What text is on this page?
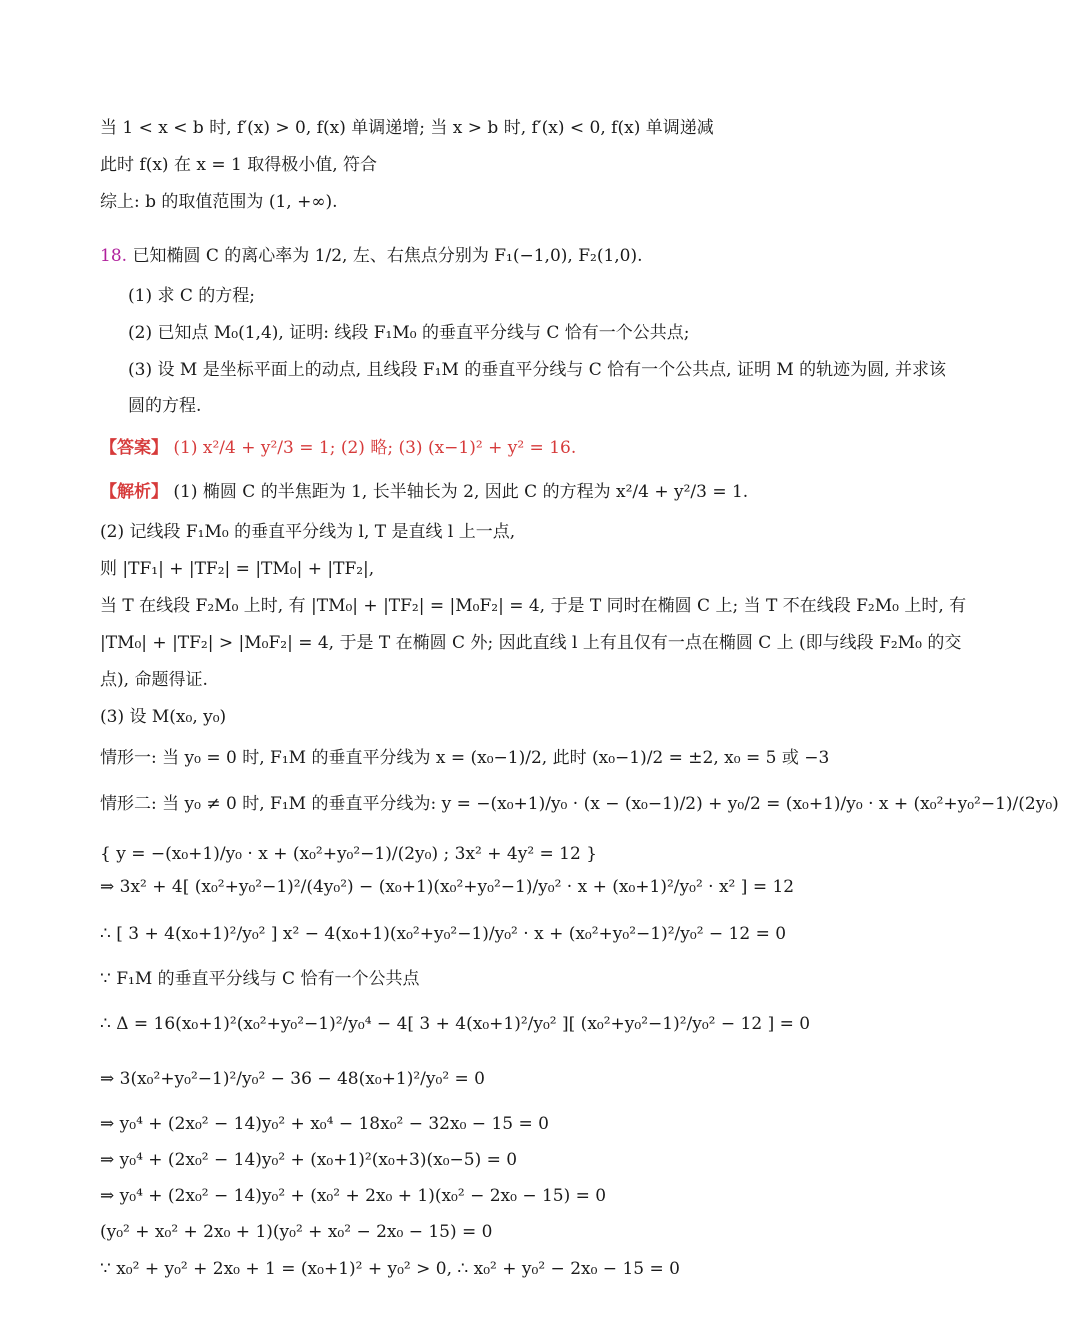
当 1 < x < b 时, f′(x) > 0, f(x) 单调递增; 当 x > b 时, f′(x) < 0, f(x) 单调递减
此时 f(x) 在 x = 1 取得极小值, 符合
综上: b 的取值范围为 (1, +∞).
18. 已知椭圆 C 的离心率为 1/2, 左、右焦点分别为 F₁(−1,0), F₂(1,0).
(1) 求 C 的方程;
(2) 已知点 M₀(1,4), 证明: 线段 F₁M₀ 的垂直平分线与 C 恰有一个公共点;
(3) 设 M 是坐标平面上的动点, 且线段 F₁M 的垂直平分线与 C 恰有一个公共点, 证明 M 的轨迹为圆, 并求该
圆的方程.
【答案】 (1) x²/4 + y²/3 = 1; (2) 略; (3) (x−1)² + y² = 16.
【解析】 (1) 椭圆 C 的半焦距为 1, 长半轴长为 2, 因此 C 的方程为 x²/4 + y²/3 = 1.
(2) 记线段 F₁M₀ 的垂直平分线为 l, T 是直线 l 上一点,
则 |TF₁| + |TF₂| = |TM₀| + |TF₂|,
当 T 在线段 F₂M₀ 上时, 有 |TM₀| + |TF₂| = |M₀F₂| = 4, 于是 T 同时在椭圆 C 上; 当 T 不在线段 F₂M₀ 上时, 有
|TM₀| + |TF₂| > |M₀F₂| = 4, 于是 T 在椭圆 C 外; 因此直线 l 上有且仅有一点在椭圆 C 上 (即与线段 F₂M₀ 的交
点), 命题得证.
(3) 设 M(x₀, y₀)
情形一: 当 y₀ = 0 时, F₁M 的垂直平分线为 x = (x₀−1)/2, 此时 (x₀−1)/2 = ±2, x₀ = 5 或 −3
情形二: 当 y₀ ≠ 0 时, F₁M 的垂直平分线为: y = −(x₀+1)/y₀ · (x − (x₀−1)/2) + y₀/2 = (x₀+1)/y₀ · x + (x₀²+y₀²−1)/(2y₀)
{ y = −(x₀+1)/y₀ · x + (x₀²+y₀²−1)/(2y₀) ; 3x² + 4y² = 12 }
⇒ 3x² + 4[ (x₀²+y₀²−1)²/(4y₀²) − (x₀+1)(x₀²+y₀²−1)/y₀² · x + (x₀+1)²/y₀² · x² ] = 12
∴ [ 3 + 4(x₀+1)²/y₀² ] x² − 4(x₀+1)(x₀²+y₀²−1)/y₀² · x + (x₀²+y₀²−1)²/y₀² − 12 = 0
∵ F₁M 的垂直平分线与 C 恰有一个公共点
∴ Δ = 16(x₀+1)²(x₀²+y₀²−1)²/y₀⁴ − 4[ 3 + 4(x₀+1)²/y₀² ][ (x₀²+y₀²−1)²/y₀² − 12 ] = 0
⇒ 3(x₀²+y₀²−1)²/y₀² − 36 − 48(x₀+1)²/y₀² = 0
⇒ y₀⁴ + (2x₀² − 14)y₀² + x₀⁴ − 18x₀² − 32x₀ − 15 = 0
⇒ y₀⁴ + (2x₀² − 14)y₀² + (x₀+1)²(x₀+3)(x₀−5) = 0
⇒ y₀⁴ + (2x₀² − 14)y₀² + (x₀² + 2x₀ + 1)(x₀² − 2x₀ − 15) = 0
(y₀² + x₀² + 2x₀ + 1)(y₀² + x₀² − 2x₀ − 15) = 0
∵ x₀² + y₀² + 2x₀ + 1 = (x₀+1)² + y₀² > 0, ∴ x₀² + y₀² − 2x₀ − 15 = 0
